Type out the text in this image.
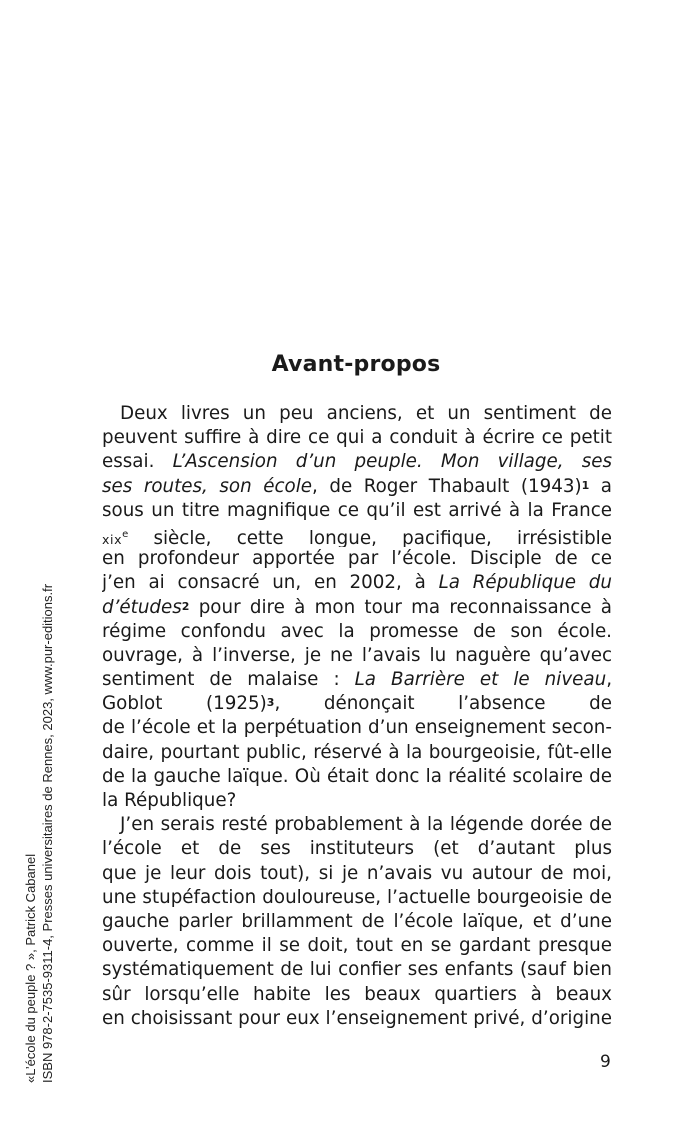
Avant-propos
Deux livres un peu anciens, et un sentiment de
peuvent suffire à dire ce qui a conduit à écrire ce petit
essai. L’Ascension d’un peuple. Mon village, ses
ses routes, son école, de Roger Thabault (1943)$^1$ a
sous un titre magnifique ce qu’il est arrivé à la France
xix$^e$ siècle, cette longue, pacifique, irrésistible
en profondeur apportée par l’école. Disciple de ce
j’en ai consacré un, en 2002, à La République du
d’études$^2$ pour dire à mon tour ma reconnaissance à
régime confondu avec la promesse de son école.
ouvrage, à l’inverse, je ne l’avais lu naguère qu’avec
sentiment de malaise : La Barrière et le niveau,
Goblot (1925)$^3$, dénonçait l’absence de
de l’école et la perpétuation d’un enseignement secon-
daire, pourtant public, réservé à la bourgeoisie, fût-elle
de la gauche laïque. Où était donc la réalité scolaire de
la République?
J’en serais resté probablement à la légende dorée de
l’école et de ses instituteurs (et d’autant plus
que je leur dois tout), si je n’avais vu autour de moi,
une stupéfaction douloureuse, l’actuelle bourgeoisie de
gauche parler brillamment de l’école laïque, et d’une
ouverte, comme il se doit, tout en se gardant presque
systématiquement de lui confier ses enfants (sauf bien
sûr lorsqu’elle habite les beaux quartiers à beaux
en choisissant pour eux l’enseignement privé, d’origine
9
«L’école du peuple ? », Patrick Cabanel ISBN 978-2-7535-9311-4, Presses universitaires de Rennes, 2023, www.pur-editions.fr
